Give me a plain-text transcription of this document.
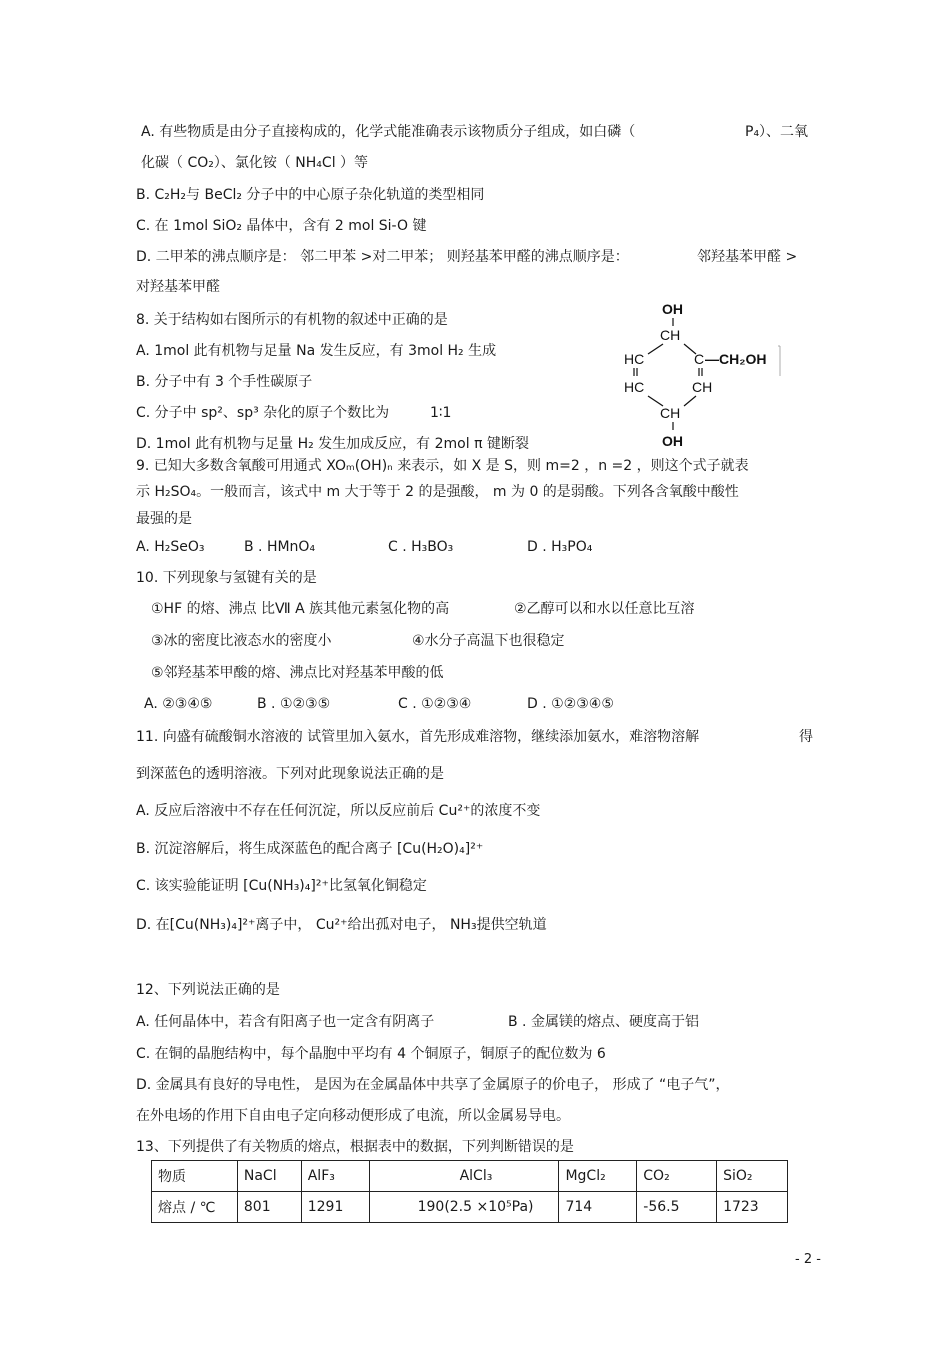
A. 有些物质是由分子直接构成的，化学式能准确表示该物质分子组成，如白磷（	P₄）、二氧
化碳（ CO₂）、氯化铵（ NH₄Cl ）等
B. C₂H₂与 BeCl₂ 分子中的中心原子杂化轨道的类型相同
C. 在 1mol SiO₂ 晶体中，含有 2 mol Si-O 键
D. 二甲苯的沸点顺序是： 邻二甲苯 >对二甲苯； 则羟基苯甲醛的沸点顺序是：	邻羟基苯甲醛 >
对羟基苯甲醛
8. 关于结构如右图所示的有机物的叙述中正确的是
A. 1mol 此有机物与足量 Na 发生反应，有 3mol H₂ 生成
B. 分子中有 3 个手性碳原子
C. 分子中 sp²、sp³ 杂化的原子个数比为	1∶1
D. 1mol 此有机物与足量 H₂ 发生加成反应，有 2mol π 键断裂
OH
CH
HC	C —CH₂OH
HC	CH
CH
OH
9. 已知大多数含氧酸可用通式 XOₘ(OH)ₙ 来表示，如 X 是 S，则 m=2 ，n =2 ，则这个式子就表
示 H₂SO₄。一般而言，该式中 m 大于等于 2 的是强酸， m 为 0 的是弱酸。下列各含氧酸中酸性
最强的是
A. H₂SeO₃	B . HMnO₄	C . H₃BO₃	D . H₃PO₄
10. 下列现象与氢键有关的是
①HF 的熔、沸点 比Ⅶ A 族其他元素氢化物的高	②乙醇可以和水以任意比互溶
③冰的密度比液态水的密度小	④水分子高温下也很稳定
⑤邻羟基苯甲酸的熔、沸点比对羟基苯甲酸的低
A. ②③④⑤	B . ①②③⑤	C . ①②③④	D . ①②③④⑤
11. 向盛有硫酸铜水溶液的 试管里加入氨水，首先形成难溶物，继续添加氨水，难溶物溶解	得
到深蓝色的透明溶液。下列对此现象说法正确的是
A. 反应后溶液中不存在任何沉淀，所以反应前后 Cu²⁺的浓度不变
B. 沉淀溶解后，将生成深蓝色的配合离子 [Cu(H₂O)₄]²⁺
C. 该实验能证明 [Cu(NH₃)₄]²⁺比氢氧化铜稳定
D. 在[Cu(NH₃)₄]²⁺离子中， Cu²⁺给出孤对电子， NH₃提供空轨道
12、下列说法正确的是
A. 任何晶体中，若含有阳离子也一定含有阴离子	B . 金属镁的熔点、硬度高于铝
C. 在铜的晶胞结构中，每个晶胞中平均有 4 个铜原子，铜原子的配位数为 6
D. 金属具有良好的导电性， 是因为在金属晶体中共享了金属原子的价电子， 形成了 “电子气”，
在外电场的作用下自由电子定向移动便形成了电流，所以金属易导电。
13、下列提供了有关物质的熔点，根据表中的数据，下列判断错误的是
物质	NaCl	AlF₃	AlCl₃	MgCl₂	CO₂	SiO₂
熔点 / ℃	801	1291	190(2.5 ×10⁵Pa)	714	-56.5	1723
- 2 -
